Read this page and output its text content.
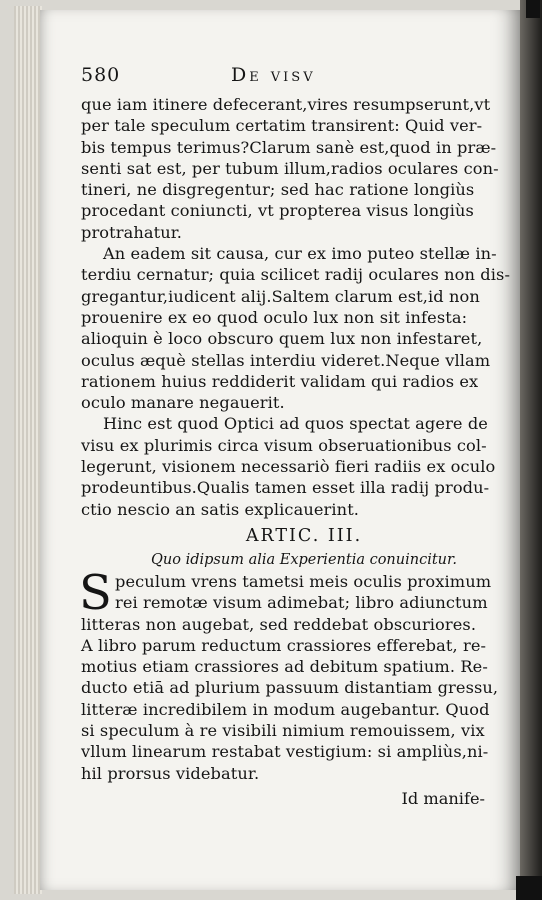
580	De visv
que iam itinere defecerant,vires resumpserunt,vt
per tale speculum certatim transirent: Quid ver-
bis tempus terimus?Clarum sanè est,quod in præ-
senti sat est, per tubum illum,radios oculares con-
tineri, ne disgregentur; sed hac ratione longiùs
procedant coniuncti, vt propterea visus longiùs
protrahatur.
An eadem sit causa, cur ex imo puteo stellæ in-
terdiu cernatur; quia scilicet radij oculares non dis-
gregantur,iudicent alij.Saltem clarum est,id non
prouenire ex eo quod oculo lux non sit infesta:
alioquin è loco obscuro quem lux non infestaret,
oculus æquè stellas interdiu videret.Neque vllam
rationem huius reddiderit validam qui radios ex
oculo manare negauerit.
Hinc est quod Optici ad quos spectat agere de
visu ex plurimis circa visum obseruationibus col-
legerunt, visionem necessariò fieri radiis ex oculo
prodeuntibus.Qualis tamen esset illa radij produ-
ctio nescio an satis explicauerint.
ARTIC. III.
Quo idipsum alia Experientia conuincitur.
S peculum vrens tametsi meis oculis proximum
rei remotæ visum adimebat; libro adiunctum
litteras non augebat, sed reddebat obscuriores.
A libro parum reductum crassiores efferebat, re-
motius etiam crassiores ad debitum spatium. Re-
ducto etiā ad plurium passuum distantiam gressu,
litteræ incredibilem in modum augebantur. Quod
si speculum à re visibili nimium remouissem, vix
vllum linearum restabat vestigium: si ampliùs,ni-
hil prorsus videbatur.
Id manife-
